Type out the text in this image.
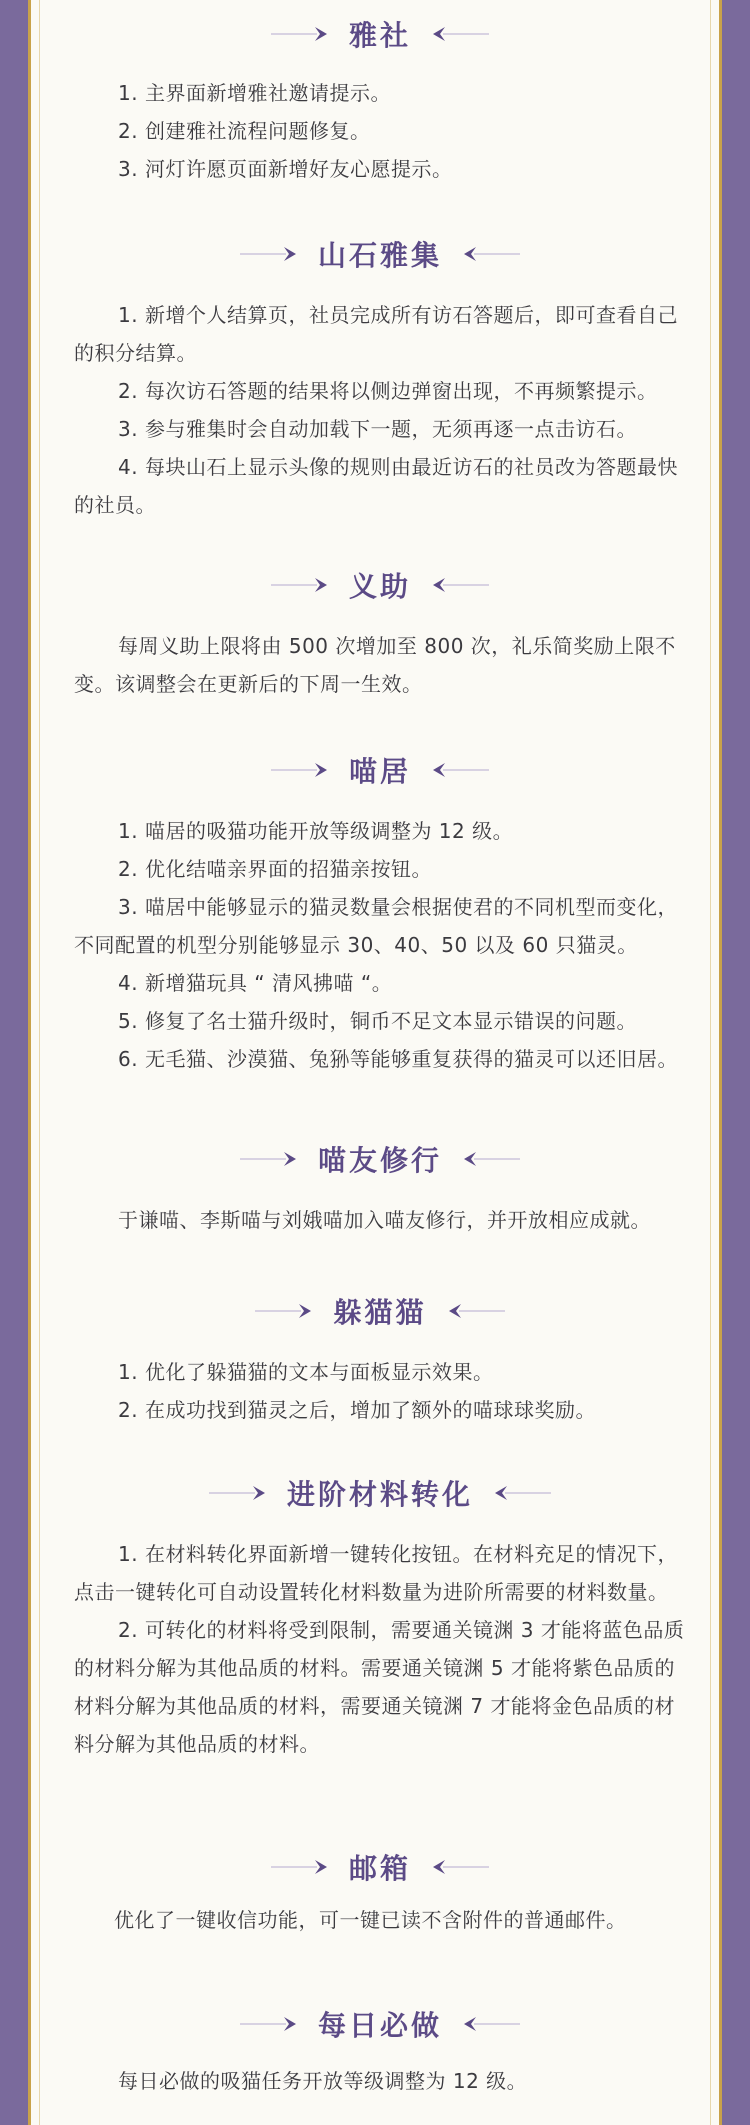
雅社

1. 主界面新增雅社邀请提示。

2. 创建雅社流程问题修复。

3. 河灯许愿页面新增好友心愿提示。

山石雅集

1. 新增个人结算页，社员完成所有访石答题后，即可查看自己的积分结算。

2. 每次访石答题的结果将以侧边弹窗出现，不再频繁提示。

3. 参与雅集时会自动加载下一题，无须再逐一点击访石。

4. 每块山石上显示头像的规则由最近访石的社员改为答题最快的社员。

义助

每周义助上限将由 500 次增加至 800 次，礼乐简奖励上限不变。该调整会在更新后的下周一生效。

喵居

1. 喵居的吸猫功能开放等级调整为 12 级。

2. 优化结喵亲界面的招猫亲按钮。

3. 喵居中能够显示的猫灵数量会根据使君的不同机型而变化，不同配置的机型分别能够显示 30、40、50 以及 60 只猫灵。

4. 新增猫玩具 “ 清风拂喵 “。

5. 修复了名士猫升级时，铜币不足文本显示错误的问题。

6. 无毛猫、沙漠猫、兔狲等能够重复获得的猫灵可以还旧居。

喵友修行

于谦喵、李斯喵与刘娥喵加入喵友修行，并开放相应成就。

躲猫猫

1. 优化了躲猫猫的文本与面板显示效果。

2. 在成功找到猫灵之后，增加了额外的喵球球奖励。

进阶材料转化

1. 在材料转化界面新增一键转化按钮。在材料充足的情况下，点击一键转化可自动设置转化材料数量为进阶所需要的材料数量。

2. 可转化的材料将受到限制，需要通关镜渊 3 才能将蓝色品质的材料分解为其他品质的材料。需要通关镜渊 5 才能将紫色品质的材料分解为其他品质的材料，需要通关镜渊 7 才能将金色品质的材料分解为其他品质的材料。

邮箱

优化了一键收信功能，可一键已读不含附件的普通邮件。

每日必做

每日必做的吸猫任务开放等级调整为 12 级。
